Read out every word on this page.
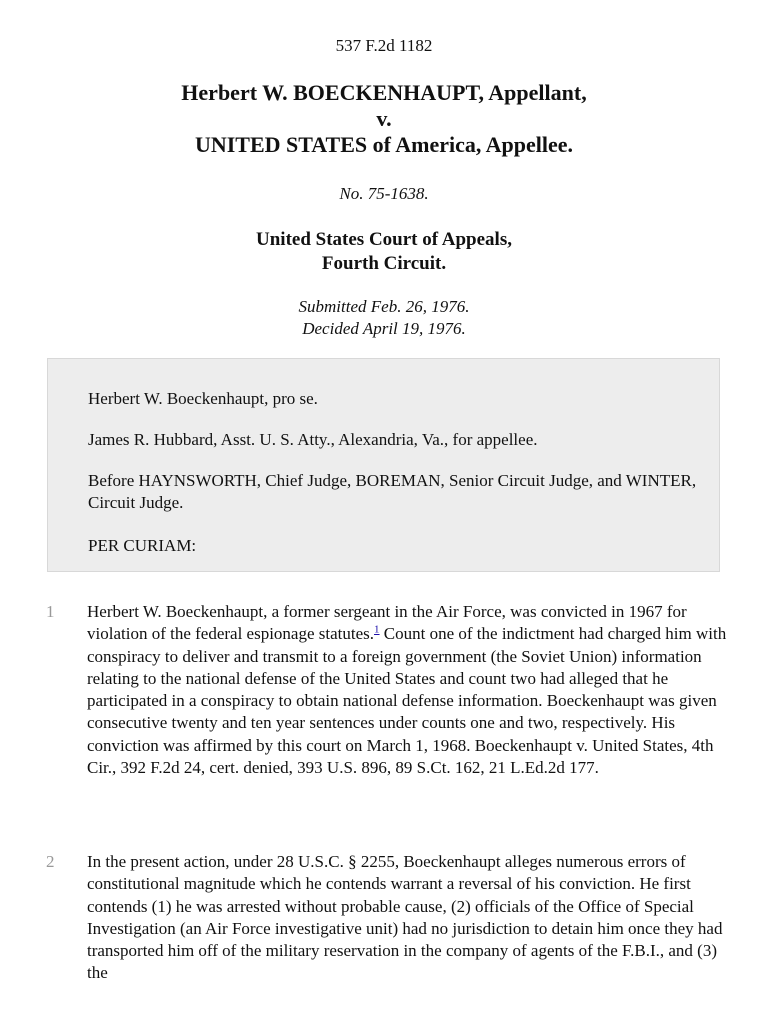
537 F.2d 1182
Herbert W. BOECKENHAUPT, Appellant,
v.
UNITED STATES of America, Appellee.
No. 75-1638.
United States Court of Appeals,
Fourth Circuit.
Submitted Feb. 26, 1976.
Decided April 19, 1976.

Herbert W. Boeckenhaupt, pro se.

James R. Hubbard, Asst. U. S. Atty., Alexandria, Va., for appellee.

Before HAYNSWORTH, Chief Judge, BOREMAN, Senior Circuit Judge, and WINTER, Circuit Judge.

PER CURIAM:

1 Herbert W. Boeckenhaupt, a former sergeant in the Air Force, was convicted in 1967 for violation of the federal espionage statutes.$^1$ Count one of the indictment had charged him with conspiracy to deliver and transmit to a foreign government (the Soviet Union) information relating to the national defense of the United States and count two had alleged that he participated in a conspiracy to obtain national defense information. Boeckenhaupt was given consecutive twenty and ten year sentences under counts one and two, respectively. His conviction was affirmed by this court on March 1, 1968. Boeckenhaupt v. United States, 4th Cir., 392 F.2d 24, cert. denied, 393 U.S. 896, 89 S.Ct. 162, 21 L.Ed.2d 177.

2 In the present action, under 28 U.S.C. § 2255, Boeckenhaupt alleges numerous errors of constitutional magnitude which he contends warrant a reversal of his conviction. He first contends (1) he was arrested without probable cause, (2) officials of the Office of Special Investigation (an Air Force investigative unit) had no jurisdiction to detain him once they had transported him off of the military reservation in the company of agents of the F.B.I., and (3) the
